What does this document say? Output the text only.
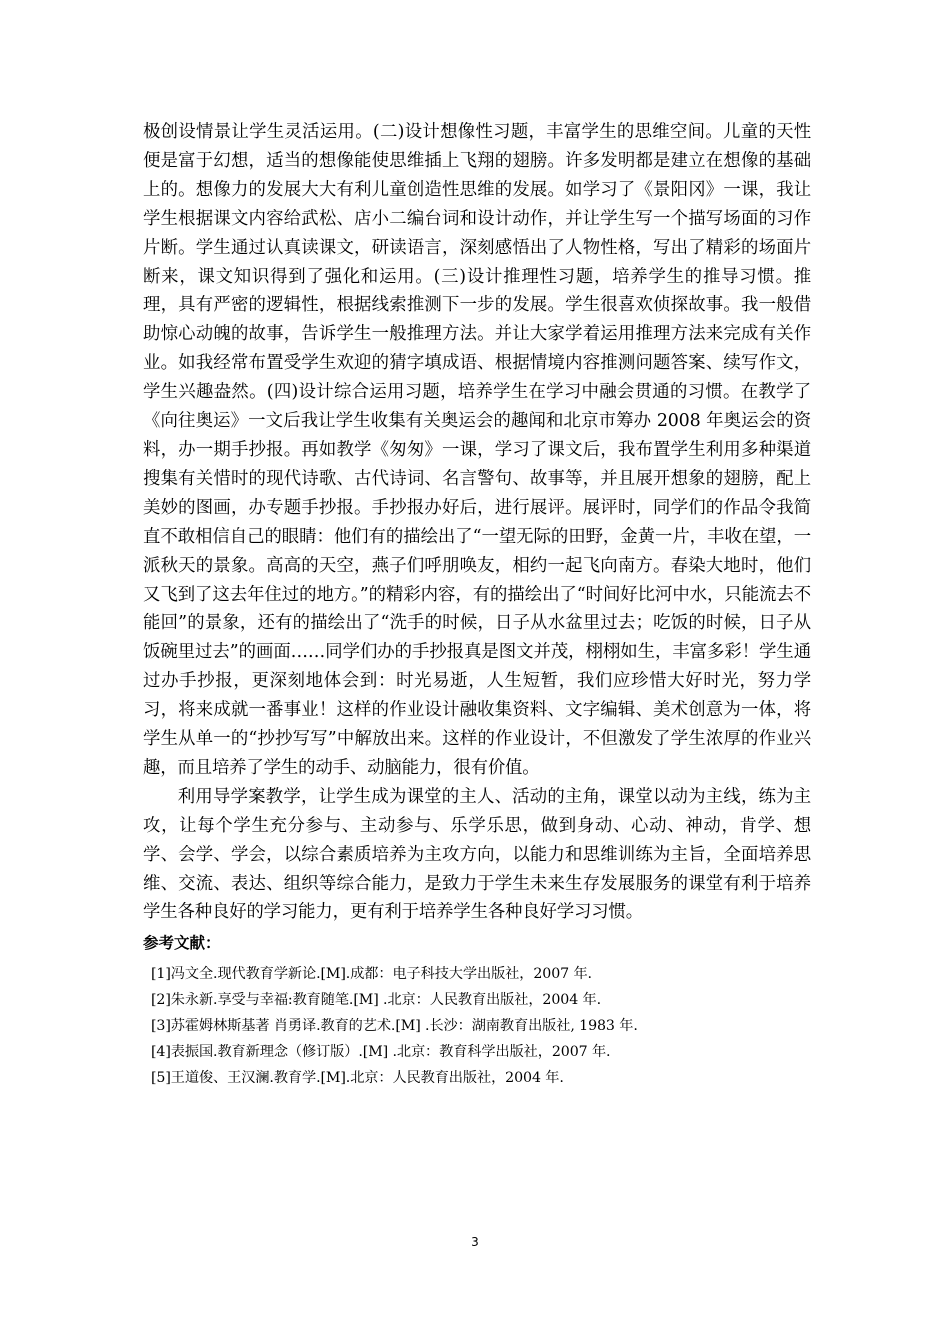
极创设情景让学生灵活运用。(二)设计想像性习题，丰富学生的思维空间。儿童的天性便是富于幻想，适当的想像能使思维插上飞翔的翅膀。许多发明都是建立在想像的基础上的。想像力的发展大大有利儿童创造性思维的发展。如学习了《景阳冈》一课，我让学生根据课文内容给武松、店小二编台词和设计动作，并让学生写一个描写场面的习作片断。学生通过认真读课文，研读语言，深刻感悟出了人物性格，写出了精彩的场面片断来，课文知识得到了强化和运用。(三)设计推理性习题，培养学生的推导习惯。推理，具有严密的逻辑性，根据线索推测下一步的发展。学生很喜欢侦探故事。我一般借助惊心动魄的故事，告诉学生一般推理方法。并让大家学着运用推理方法来完成有关作业。如我经常布置受学生欢迎的猜字填成语、根据情境内容推测问题答案、续写作文，学生兴趣盎然。(四)设计综合运用习题，培养学生在学习中融会贯通的习惯。在教学了《向往奥运》一文后我让学生收集有关奥运会的趣闻和北京市筹办 2008 年奥运会的资料，办一期手抄报。再如教学《匆匆》一课，学习了课文后，我布置学生利用多种渠道搜集有关惜时的现代诗歌、古代诗词、名言警句、故事等，并且展开想象的翅膀，配上美妙的图画，办专题手抄报。手抄报办好后，进行展评。展评时，同学们的作品令我简直不敢相信自己的眼睛：他们有的描绘出了“一望无际的田野，金黄一片，丰收在望，一派秋天的景象。高高的天空，燕子们呼朋唤友，相约一起飞向南方。春染大地时，他们又飞到了这去年住过的地方。”的精彩内容，有的描绘出了“时间好比河中水，只能流去不能回”的景象，还有的描绘出了“洗手的时候，日子从水盆里过去；吃饭的时候，日子从饭碗里过去”的画面……同学们办的手抄报真是图文并茂，栩栩如生，丰富多彩！学生通过办手抄报，更深刻地体会到：时光易逝，人生短暂，我们应珍惜大好时光，努力学习，将来成就一番事业！这样的作业设计融收集资料、文字编辑、美术创意为一体，将学生从单一的“抄抄写写”中解放出来。这样的作业设计，不但激发了学生浓厚的作业兴趣，而且培养了学生的动手、动脑能力，很有价值。

利用导学案教学，让学生成为课堂的主人、活动的主角，课堂以动为主线，练为主攻，让每个学生充分参与、主动参与、乐学乐思，做到身动、心动、神动，肯学、想学、会学、学会，以综合素质培养为主攻方向，以能力和思维训练为主旨，全面培养思维、交流、表达、组织等综合能力，是致力于学生未来生存发展服务的课堂有利于培养学生各种良好的学习能力，更有利于培养学生各种良好学习习惯。

参考文献：
[1]冯文全.现代教育学新论.[M].成都：电子科技大学出版社，2007 年.
[2]朱永新.享受与幸福:教育随笔.[M] .北京：人民教育出版社，2004 年.
[3]苏霍姆林斯基著 肖勇译.教育的艺术.[M] .长沙：湖南教育出版社, 1983 年.
[4]表振国.教育新理念（修订版）.[M] .北京：教育科学出版社，2007 年.
[5]王道俊、王汉澜.教育学.[M].北京：人民教育出版社，2004 年.
3
